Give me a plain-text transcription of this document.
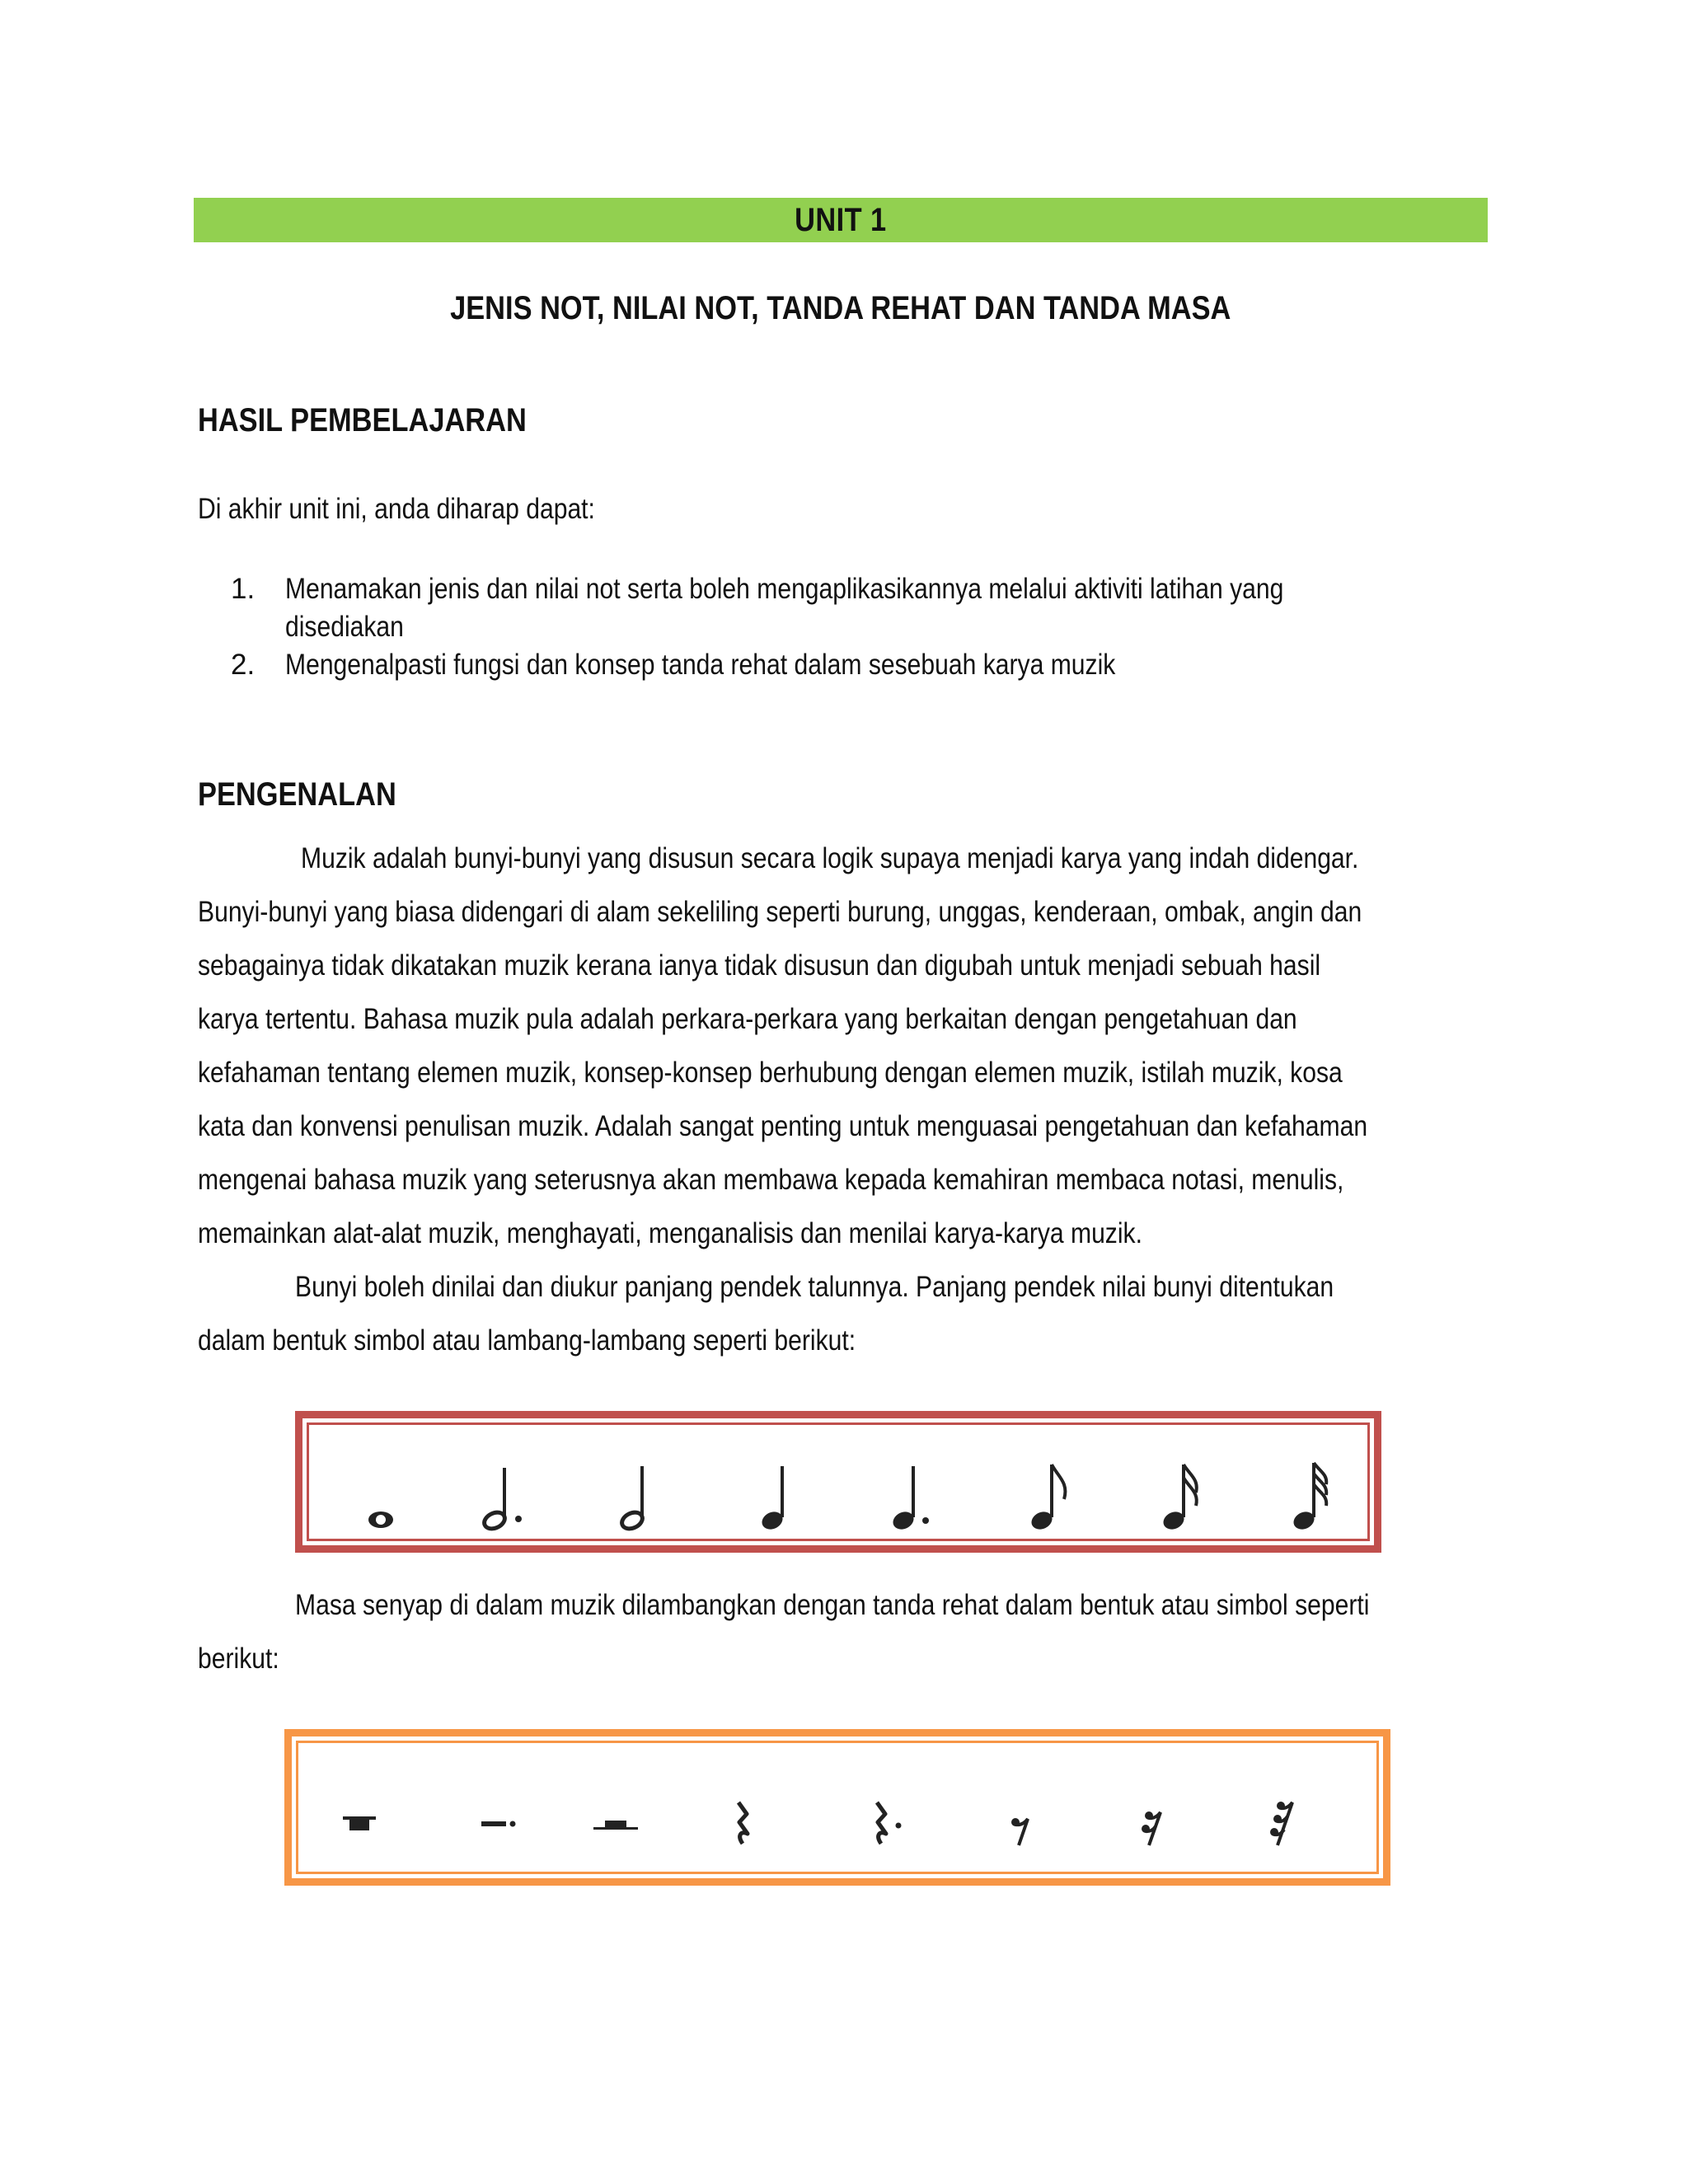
UNIT 1
JENIS NOT, NILAI NOT, TANDA REHAT DAN TANDA MASA
HASIL PEMBELAJARAN
Di akhir unit ini, anda diharap dapat:
1. Menamakan jenis dan nilai not serta boleh mengaplikasikannya melalui aktiviti latihan yang
disediakan
2. Mengenalpasti fungsi dan konsep tanda rehat dalam sesebuah karya muzik
PENGENALAN
Muzik adalah bunyi-bunyi yang disusun secara logik supaya menjadi karya yang indah didengar.
Bunyi-bunyi yang biasa didengari di alam sekeliling seperti burung, unggas, kenderaan, ombak, angin dan
sebagainya tidak dikatakan muzik kerana ianya tidak disusun dan digubah untuk menjadi sebuah hasil
karya tertentu. Bahasa muzik pula adalah perkara-perkara yang berkaitan dengan pengetahuan dan
kefahaman tentang elemen muzik, konsep-konsep berhubung dengan elemen muzik, istilah muzik, kosa
kata dan konvensi penulisan muzik. Adalah sangat penting untuk menguasai pengetahuan dan kefahaman
mengenai bahasa muzik yang seterusnya akan membawa kepada kemahiran membaca notasi, menulis,
memainkan alat-alat muzik, menghayati, menganalisis dan menilai karya-karya muzik.
Bunyi boleh dinilai dan diukur panjang pendek talunnya. Panjang pendek nilai bunyi ditentukan
dalam bentuk simbol atau lambang-lambang seperti berikut:
Masa senyap di dalam muzik dilambangkan dengan tanda rehat dalam bentuk atau simbol seperti
berikut:
